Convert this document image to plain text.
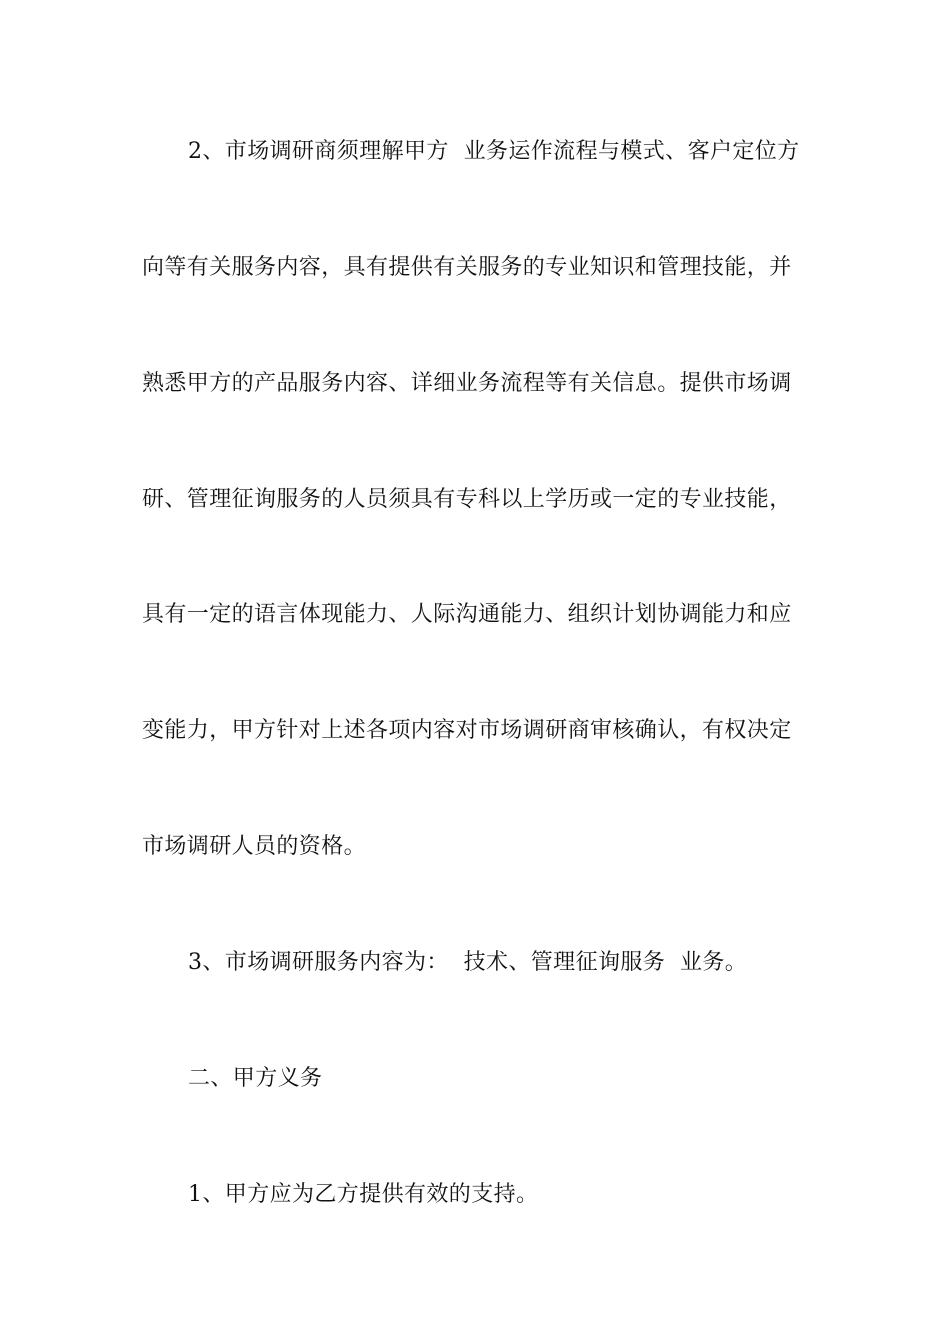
2、市场调研商须理解甲方  业务运作流程与模式、客户定位方
向等有关服务内容，具有提供有关服务的专业知识和管理技能，并
熟悉甲方的产品服务内容、详细业务流程等有关信息。提供市场调
研、管理征询服务的人员须具有专科以上学历或一定的专业技能，
具有一定的语言体现能力、人际沟通能力、组织计划协调能力和应
变能力，甲方针对上述各项内容对市场调研商审核确认，有权决定
市场调研人员的资格。
3、市场调研服务内容为：  技术、管理征询服务  业务。
二、甲方义务
1、甲方应为乙方提供有效的支持。
